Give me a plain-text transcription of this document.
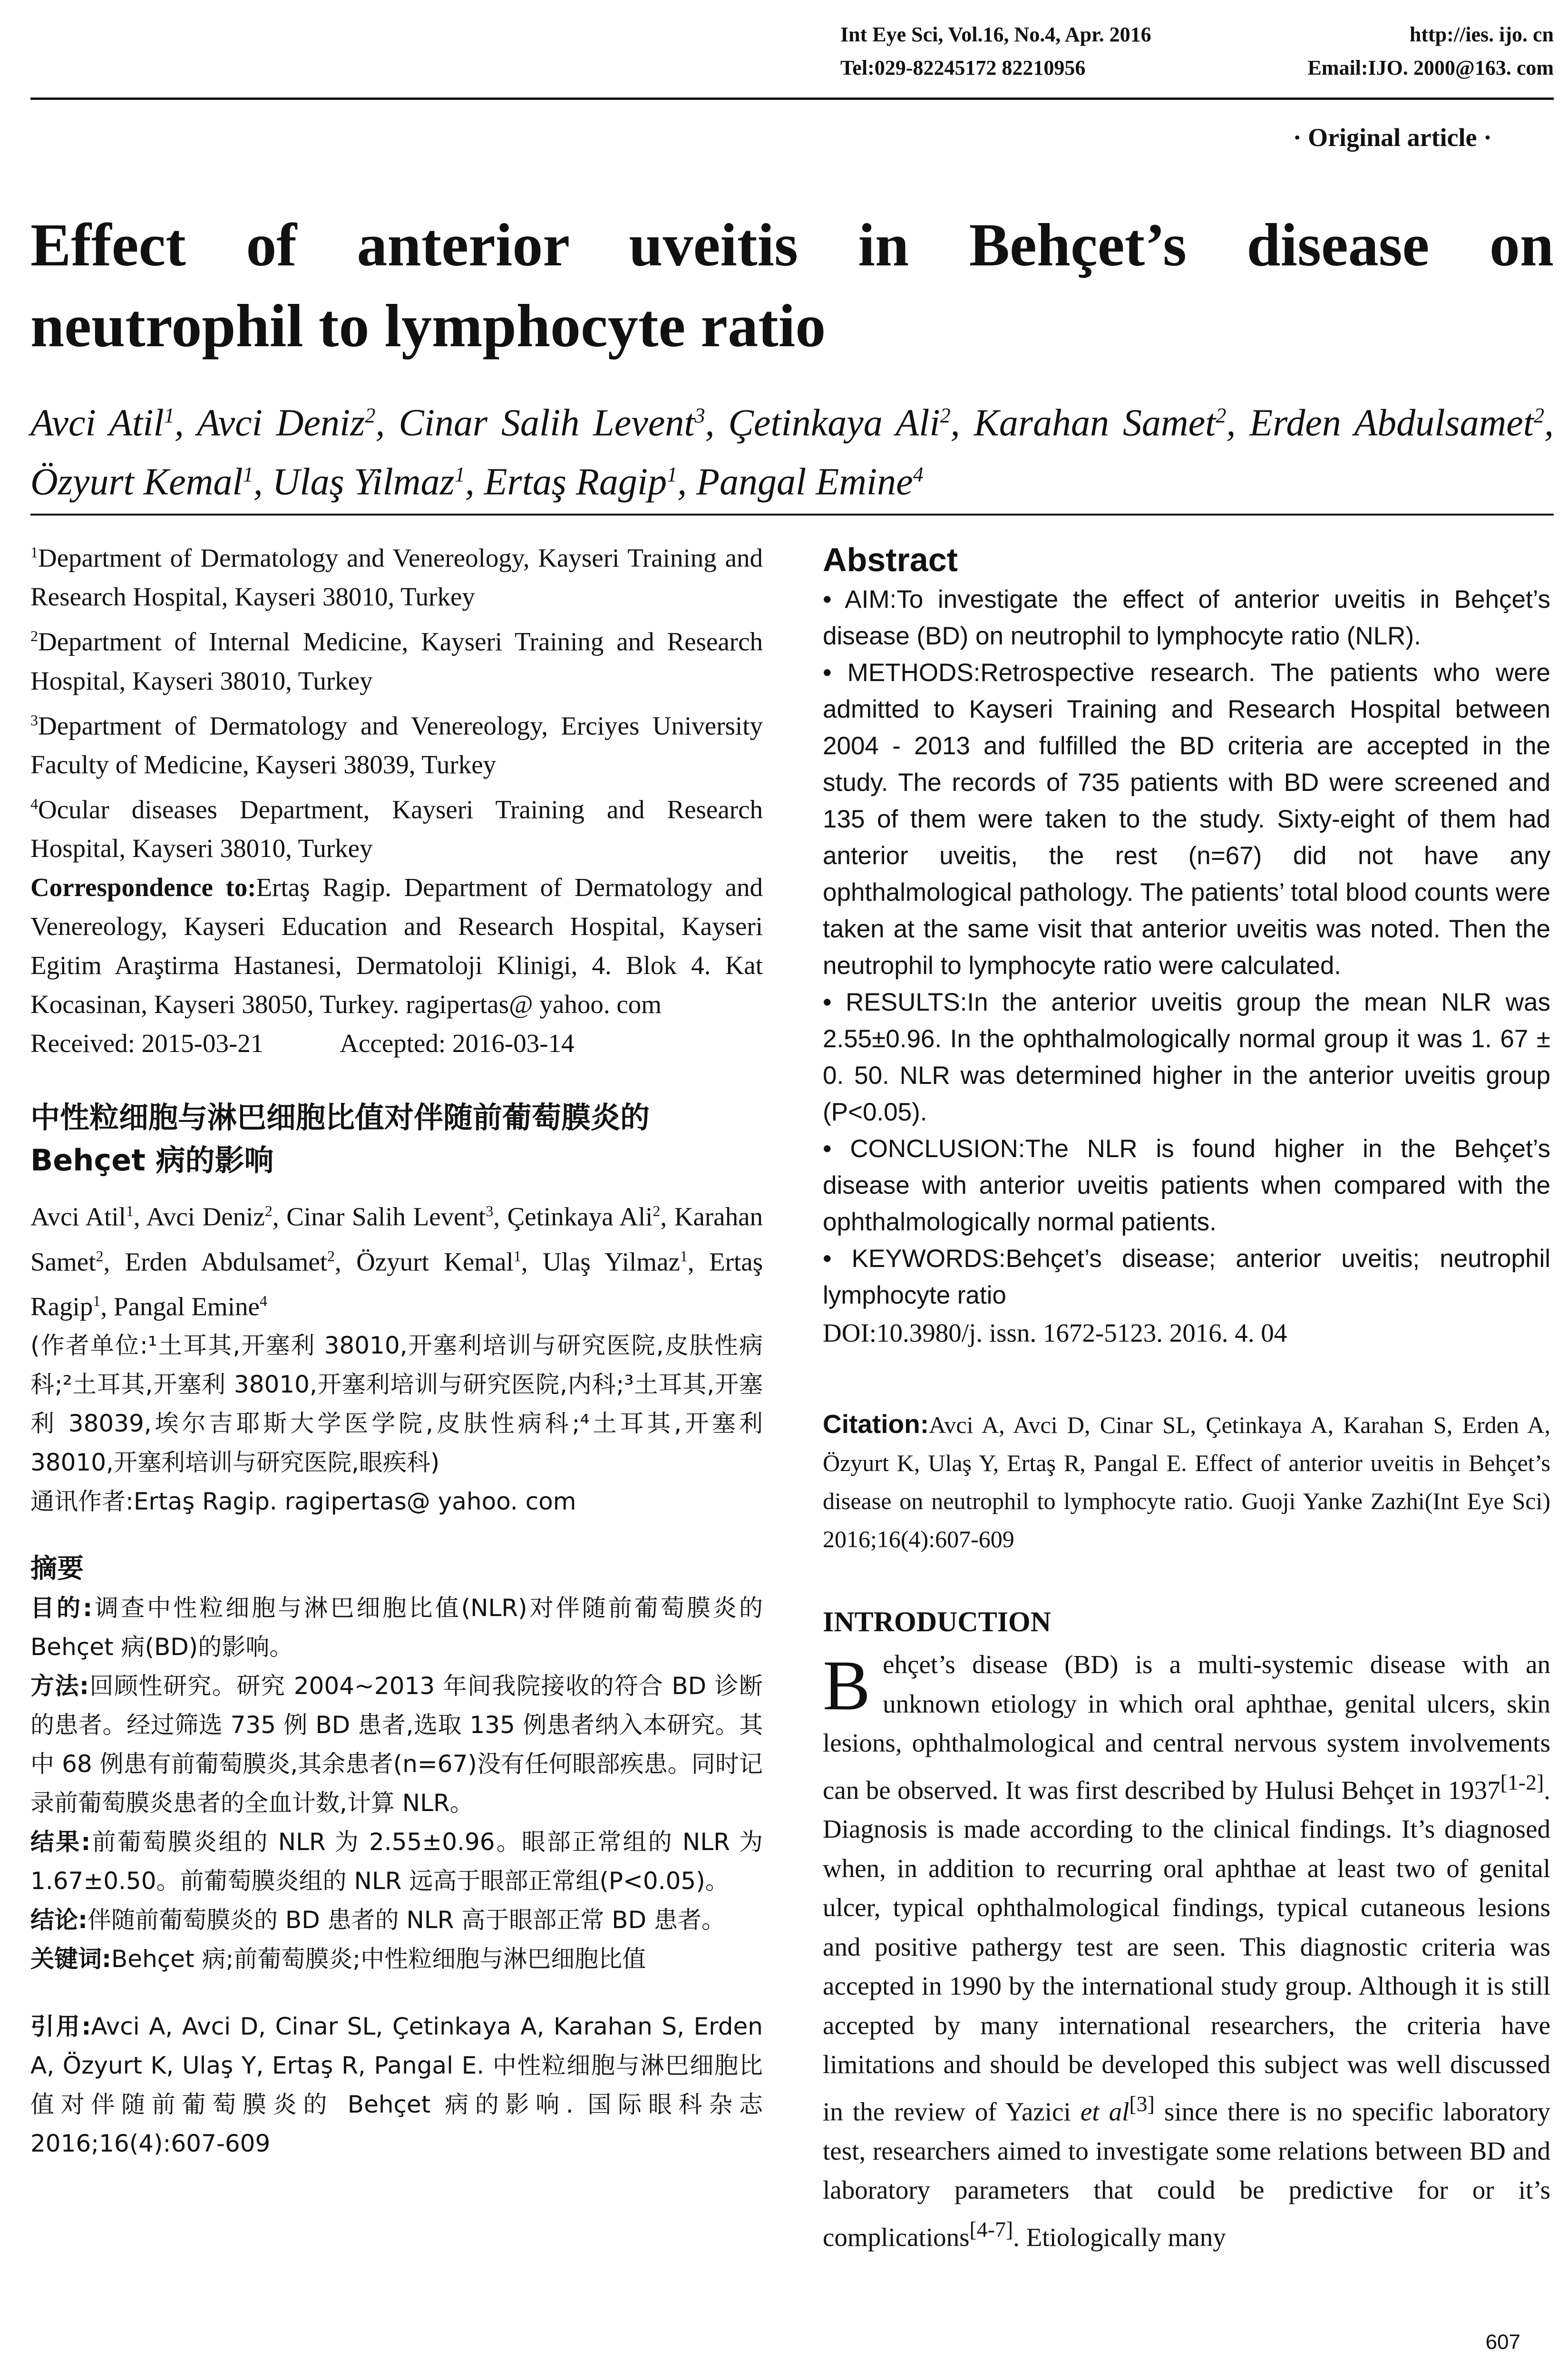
Int Eye Sci, Vol.16, No.4, Apr. 2016	http://ies. ijo. cn
Tel:029-82245172 82210956	Email:IJO. 2000@163. com
· Original article ·
Effect of anterior uveitis in Behçet’s disease on
neutrophil to lymphocyte ratio

Avci Atil$^1$, Avci Deniz$^2$, Cinar Salih Levent$^3$, Çetinkaya Ali$^2$, Karahan Samet$^2$, Erden Abdulsamet$^2$, Özyurt Kemal$^1$, Ulaş Yilmaz$^1$, Ertaş Ragip$^1$, Pangal Emine$^4$

$^1$Department of Dermatology and Venereology, Kayseri Training and Research Hospital, Kayseri 38010, Turkey

$^2$Department of Internal Medicine, Kayseri Training and Research Hospital, Kayseri 38010, Turkey

$^3$Department of Dermatology and Venereology, Erciyes University Faculty of Medicine, Kayseri 38039, Turkey

$^4$Ocular diseases Department, Kayseri Training and Research Hospital, Kayseri 38010, Turkey

Correspondence to:Ertaş Ragip. Department of Dermatology and Venereology, Kayseri Education and Research Hospital, Kayseri Egitim Araştirma Hastanesi, Dermatoloji Klinigi, 4. Blok 4. Kat Kocasinan, Kayseri 38050, Turkey. ragipertas@ yahoo. com

Received: 2015-03-21	Accepted: 2016-03-14

中性粒细胞与淋巴细胞比值对伴随前葡萄膜炎的 Behçet 病的影响

Avci Atil$^1$, Avci Deniz$^2$, Cinar Salih Levent$^3$, Çetinkaya Ali$^2$, Karahan Samet$^2$, Erden Abdulsamet$^2$, Özyurt Kemal$^1$, Ulaş Yilmaz$^1$, Ertaş Ragip$^1$, Pangal Emine$^4$

(作者单位:¹土耳其,开塞利 38010,开塞利培训与研究医院,皮肤性病科;²土耳其,开塞利 38010,开塞利培训与研究医院,内科;³土耳其,开塞利 38039,埃尔吉耶斯大学医学院,皮肤性病科;⁴土耳其,开塞利 38010,开塞利培训与研究医院,眼疾科)

通讯作者:Ertaş Ragip. ragipertas@ yahoo. com

摘要

目的:调查中性粒细胞与淋巴细胞比值(NLR)对伴随前葡萄膜炎的 Behçet 病(BD)的影响。

方法:回顾性研究。研究 2004~2013 年间我院接收的符合 BD 诊断的患者。经过筛选 735 例 BD 患者,选取 135 例患者纳入本研究。其中 68 例患有前葡萄膜炎,其余患者(n=67)没有任何眼部疾患。同时记录前葡萄膜炎患者的全血计数,计算 NLR。

结果:前葡萄膜炎组的 NLR 为 2.55±0.96。眼部正常组的 NLR 为 1.67±0.50。前葡萄膜炎组的 NLR 远高于眼部正常组(P<0.05)。

结论:伴随前葡萄膜炎的 BD 患者的 NLR 高于眼部正常 BD 患者。

关键词:Behçet 病;前葡萄膜炎;中性粒细胞与淋巴细胞比值

引用:Avci A, Avci D, Cinar SL, Çetinkaya A, Karahan S, Erden A, Özyurt K, Ulaş Y, Ertaş R, Pangal E. 中性粒细胞与淋巴细胞比值对伴随前葡萄膜炎的 Behçet 病的影响. 国际眼科杂志 2016;16(4):607-609

Abstract

• AIM:To investigate the effect of anterior uveitis in Behçet’s disease (BD) on neutrophil to lymphocyte ratio (NLR).

• METHODS:Retrospective research. The patients who were admitted to Kayseri Training and Research Hospital between 2004 - 2013 and fulfilled the BD criteria are accepted in the study. The records of 735 patients with BD were screened and 135 of them were taken to the study. Sixty-eight of them had anterior uveitis, the rest (n=67) did not have any ophthalmological pathology. The patients’ total blood counts were taken at the same visit that anterior uveitis was noted. Then the neutrophil to lymphocyte ratio were calculated.

• RESULTS:In the anterior uveitis group the mean NLR was 2.55±0.96. In the ophthalmologically normal group it was 1. 67 ± 0. 50. NLR was determined higher in the anterior uveitis group (P<0.05).

• CONCLUSION:The NLR is found higher in the Behçet’s disease with anterior uveitis patients when compared with the ophthalmologically normal patients.

• KEYWORDS:Behçet’s disease; anterior uveitis; neutrophil lymphocyte ratio

DOI:10.3980/j. issn. 1672-5123. 2016. 4. 04

Citation:Avci A, Avci D, Cinar SL, Çetinkaya A, Karahan S, Erden A, Özyurt K, Ulaş Y, Ertaş R, Pangal E. Effect of anterior uveitis in Behçet’s disease on neutrophil to lymphocyte ratio. Guoji Yanke Zazhi(Int Eye Sci) 2016;16(4):607-609

INTRODUCTION

Behçet’s disease (BD) is a multi-systemic disease with an unknown etiology in which oral aphthae, genital ulcers, skin lesions, ophthalmological and central nervous system involvements can be observed. It was first described by Hulusi Behçet in 1937[1-2]. Diagnosis is made according to the clinical findings. It’s diagnosed when, in addition to recurring oral aphthae at least two of genital ulcer, typical ophthalmological findings, typical cutaneous lesions and positive pathergy test are seen. This diagnostic criteria was accepted in 1990 by the international study group. Although it is still accepted by many international researchers, the criteria have limitations and should be developed this subject was well discussed in the review of Yazici et al[3] since there is no specific laboratory test, researchers aimed to investigate some relations between BD and laboratory parameters that could be predictive for or it’s complications[4-7]. Etiologically many

607
